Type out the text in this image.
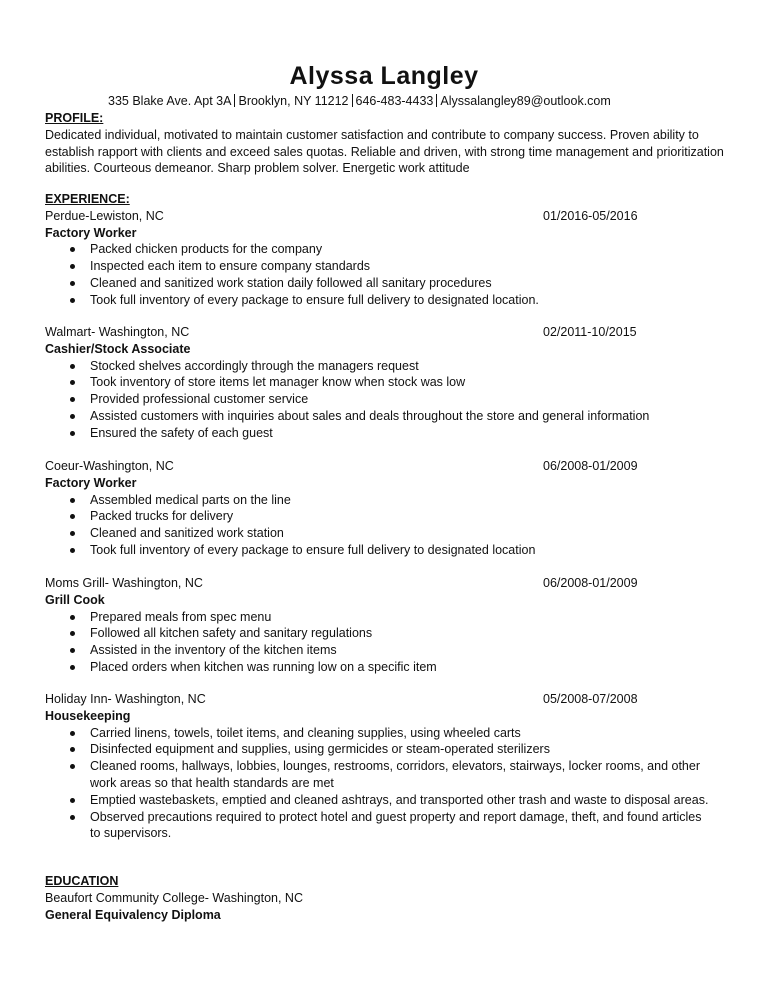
Alyssa Langley
335 Blake Ave. Apt 3A Brooklyn, NY 11212 646-483-4433 Alyssalangley89@outlook.com
PROFILE:
Dedicated individual, motivated to maintain customer satisfaction and contribute to company success. Proven ability to establish rapport with clients and exceed sales quotas. Reliable and driven, with strong time management and prioritization abilities. Courteous demeanor. Sharp problem solver. Energetic work attitude
EXPERIENCE:
Perdue-Lewiston, NC	01/2016-05/2016
Factory Worker
Packed chicken products for the company
Inspected each item to ensure company standards
Cleaned and sanitized work station daily followed all sanitary procedures
Took full inventory of every package to ensure full delivery to designated location.
Walmart- Washington, NC	02/2011-10/2015
Cashier/Stock Associate
Stocked shelves accordingly through the managers request
Took inventory of store items let manager know when stock was low
Provided professional customer service
Assisted customers with inquiries about sales and deals throughout the store and general information
Ensured the safety of each guest
Coeur-Washington, NC	06/2008-01/2009
Factory Worker
Assembled medical parts on the line
Packed trucks for delivery
Cleaned and sanitized work station
Took full inventory of every package to ensure full delivery to designated location
Moms Grill- Washington, NC	06/2008-01/2009
Grill Cook
Prepared meals from spec menu
Followed all kitchen safety and sanitary regulations
Assisted in the inventory of the kitchen items
Placed orders when kitchen was running low on a specific item
Holiday Inn- Washington, NC	05/2008-07/2008
Housekeeping
Carried linens, towels, toilet items, and cleaning supplies, using wheeled carts
Disinfected equipment and supplies, using germicides or steam-operated sterilizers
Cleaned rooms, hallways, lobbies, lounges, restrooms, corridors, elevators, stairways, locker rooms, and other work areas so that health standards are met
Emptied wastebaskets, emptied and cleaned ashtrays, and transported other trash and waste to disposal areas.
Observed precautions required to protect hotel and guest property and report damage, theft, and found articles to supervisors.
EDUCATION
Beaufort Community College- Washington, NC
General Equivalency Diploma
